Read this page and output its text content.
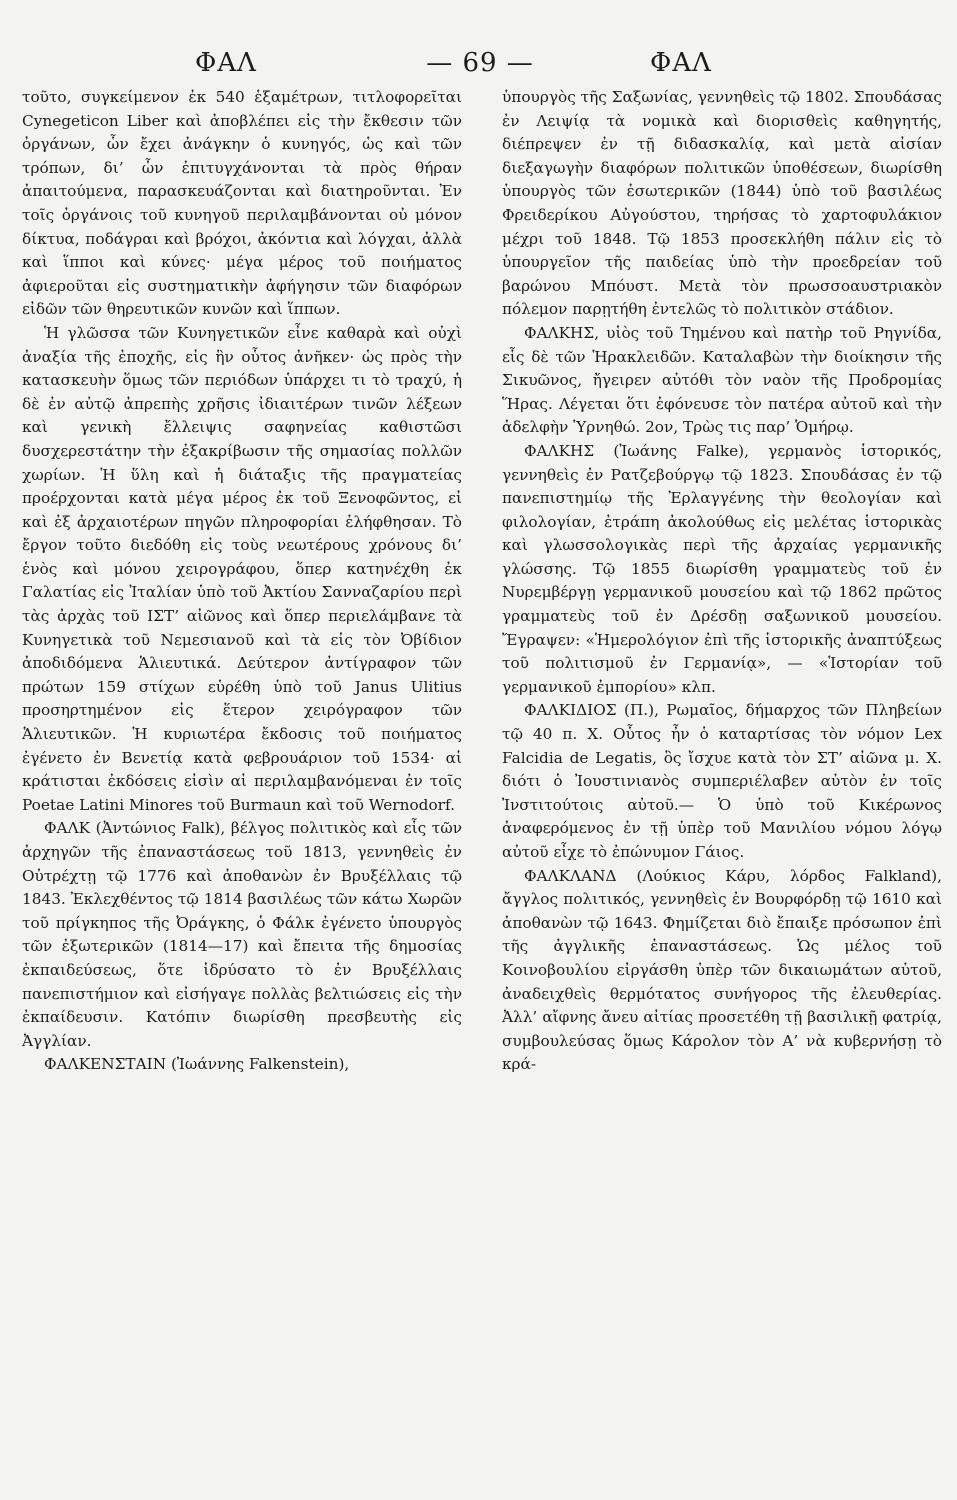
ΦΑΛ	— 69 —	ΦΑΛ

τοῦτο, συγκείμενον ἐκ 540 ἑξαμέτρων, τιτλοφορεῖται Cynegeticon Liber καὶ ἀποβλέπει εἰς τὴν ἔκθεσιν τῶν ὀργάνων, ὧν ἔχει ἀνάγκην ὁ κυνηγός, ὡς καὶ τῶν τρόπων, δι’ ὧν ἐπιτυγχάνονται τὰ πρὸς θήραν ἀπαιτούμενα, παρασκευάζονται καὶ διατηροῦνται. Ἐν τοῖς ὀργάνοις τοῦ κυνηγοῦ περιλαμβάνονται οὐ μόνον δίκτυα, ποδάγραι καὶ βρόχοι, ἀκόντια καὶ λόγχαι, ἀλλὰ καὶ ἵπποι καὶ κύνες· μέγα μέρος τοῦ ποιήματος ἀφιεροῦται εἰς συστηματικὴν ἀφήγησιν τῶν διαφόρων εἰδῶν τῶν θηρευτικῶν κυνῶν καὶ ἵππων.

Ἡ γλῶσσα τῶν Κυνηγετικῶν εἶνε καθαρὰ καὶ οὐχὶ ἀναξία τῆς ἐποχῆς, εἰς ἣν οὗτος ἀνῆκεν· ὡς πρὸς τὴν κατασκευὴν ὅμως τῶν περιόδων ὑπάρχει τι τὸ τραχύ, ἡ δὲ ἐν αὐτῷ ἀπρεπὴς χρῆσις ἰδιαιτέρων τινῶν λέξεων καὶ γενικὴ ἔλλειψις σαφηνείας καθιστῶσι δυσχερεστάτην τὴν ἐξακρίβωσιν τῆς σημασίας πολλῶν χωρίων. Ἡ ὕλη καὶ ἡ διάταξις τῆς πραγματείας προέρχονται κατὰ μέγα μέρος ἐκ τοῦ Ξενοφῶντος, εἰ καὶ ἐξ ἀρχαιοτέρων πηγῶν πληροφορίαι ἐλήφθησαν. Τὸ ἔργον τοῦτο διεδόθη εἰς τοὺς νεωτέρους χρόνους δι’ ἑνὸς καὶ μόνου χειρογράφου, ὅπερ κατηνέχθη ἐκ Γαλατίας εἰς Ἰταλίαν ὑπὸ τοῦ Ἀκτίου Σανναζαρίου περὶ τὰς ἀρχὰς τοῦ ΙΣΤ’ αἰῶνος καὶ ὅπερ περιελάμβανε τὰ Κυνηγετικὰ τοῦ Νεμεσιανοῦ καὶ τὰ εἰς τὸν Ὀβίδιον ἀποδιδόμενα Ἁλιευτικά. Δεύτερον ἀντίγραφον τῶν πρώτων 159 στίχων εὑρέθη ὑπὸ τοῦ Janus Ulitius προσηρτημένον εἰς ἕτερον χειρόγραφον τῶν Ἁλιευτικῶν. Ἡ κυριωτέρα ἔκδοσις τοῦ ποιήματος ἐγένετο ἐν Βενετίᾳ κατὰ φεβρουάριον τοῦ 1534· αἱ κράτισται ἐκδόσεις εἰσὶν αἱ περιλαμβανόμεναι ἐν τοῖς Poetae Latini Minores τοῦ Burmaun καὶ τοῦ Wernodorf.

ΦΑΛΚ (Ἀντώνιος Falk), βέλγος πολιτικὸς καὶ εἷς τῶν ἀρχηγῶν τῆς ἐπαναστάσεως τοῦ 1813, γεννηθεὶς ἐν Οὐτρέχτῃ τῷ 1776 καὶ ἀποθανὼν ἐν Βρυξέλλαις τῷ 1843. Ἐκλεχθέντος τῷ 1814 βασιλέως τῶν κάτω Χωρῶν τοῦ πρίγκηπος τῆς Ὀράγκης, ὁ Φάλκ ἐγένετο ὑπουργὸς τῶν ἐξωτερικῶν (1814—17) καὶ ἔπειτα τῆς δημοσίας ἐκπαιδεύσεως, ὅτε ἱδρύσατο τὸ ἐν Βρυξέλλαις πανεπιστήμιον καὶ εἰσήγαγε πολλὰς βελτιώσεις εἰς τὴν ἐκπαίδευσιν. Κατόπιν διωρίσθη πρεσβευτὴς εἰς Ἀγγλίαν.

ΦΑΛΚΕΝΣΤΑΙΝ (Ἰωάννης Falkenstein),

ὑπουργὸς τῆς Σαξωνίας, γεννηθεὶς τῷ 1802. Σπουδάσας ἐν Λειψίᾳ τὰ νομικὰ καὶ διορισθεὶς καθηγητής, διέπρεψεν ἐν τῇ διδασκαλίᾳ, καὶ μετὰ αἰσίαν διεξαγωγὴν διαφόρων πολιτικῶν ὑποθέσεων, διωρίσθη ὑπουργὸς τῶν ἐσωτερικῶν (1844) ὑπὸ τοῦ βασιλέως Φρειδερίκου Αὐγούστου, τηρήσας τὸ χαρτοφυλάκιον μέχρι τοῦ 1848. Τῷ 1853 προσεκλήθη πάλιν εἰς τὸ ὑπουργεῖον τῆς παιδείας ὑπὸ τὴν προεδρείαν τοῦ βαρώνου Μπόυστ. Μετὰ τὸν πρωσσοαυστριακὸν πόλεμον παρῃτήθη ἐντελῶς τὸ πολιτικὸν στάδιον.

ΦΑΛΚΗΣ, υἱὸς τοῦ Τημένου καὶ πατὴρ τοῦ Ρηγνίδα, εἷς δὲ τῶν Ἡρακλειδῶν. Καταλαβὼν τὴν διοίκησιν τῆς Σικυῶνος, ἤγειρεν αὐτόθι τὸν ναὸν τῆς Προδρομίας Ἥρας. Λέγεται ὅτι ἐφόνευσε τὸν πατέρα αὐτοῦ καὶ τὴν ἀδελφὴν Ὑρνηθώ. 2ον, Τρὼς τις παρ’ Ὁμήρῳ.

ΦΑΛΚΗΣ (Ἰωάνης Falke), γερμανὸς ἱστορικός, γεννηθεὶς ἐν Ρατζεβούργῳ τῷ 1823. Σπουδάσας ἐν τῷ πανεπιστημίῳ τῆς Ἐρλαγγένης τὴν θεολογίαν καὶ φιλολογίαν, ἐτράπη ἀκολούθως εἰς μελέτας ἱστορικὰς καὶ γλωσσολογικὰς περὶ τῆς ἀρχαίας γερμανικῆς γλώσσης. Τῷ 1855 διωρίσθη γραμματεὺς τοῦ ἐν Νυρεμβέργῃ γερμανικοῦ μουσείου καὶ τῷ 1862 πρῶτος γραμματεὺς τοῦ ἐν Δρέσδῃ σαξωνικοῦ μουσείου. Ἔγραψεν: «Ἡμερολόγιον ἐπὶ τῆς ἱστορικῆς ἀναπτύξεως τοῦ πολιτισμοῦ ἐν Γερμανίᾳ», — «Ἱστορίαν τοῦ γερμανικοῦ ἐμπορίου» κλπ.

ΦΑΛΚΙΔΙΟΣ (Π.), Ρωμαῖος, δήμαρχος τῶν Πληβείων τῷ 40 π. Χ. Οὗτος ἦν ὁ καταρτίσας τὸν νόμον Lex Falcidia de Legatis, ὃς ἴσχυε κατὰ τὸν ΣΤ’ αἰῶνα μ. Χ. διότι ὁ Ἰουστινιανὸς συμπεριέλαβεν αὐτὸν ἐν τοῖς Ἰνστιτούτοις αὐτοῦ.— Ὁ ὑπὸ τοῦ Κικέρωνος ἀναφερόμενος ἐν τῇ ὑπὲρ τοῦ Μανιλίου νόμου λόγῳ αὐτοῦ εἶχε τὸ ἐπώνυμον Γάιος.

ΦΑΛΚΛΑΝΔ (Λούκιος Κάρυ, λόρδος Falkland), ἄγγλος πολιτικός, γεννηθεὶς ἐν Βουρφόρδῃ τῷ 1610 καὶ ἀποθανὼν τῷ 1643. Φημίζεται διὸ ἔπαιξε πρόσωπον ἐπὶ τῆς ἀγγλικῆς ἐπαναστάσεως. Ὡς μέλος τοῦ Κοινοβουλίου εἰργάσθη ὑπὲρ τῶν δικαιωμάτων αὐτοῦ, ἀναδειχθεὶς θερμότατος συνήγορος τῆς ἐλευθερίας. Ἀλλ’ αἴφνης ἄνευ αἰτίας προσετέθη τῇ βασιλικῇ φατρίᾳ, συμβουλεύσας ὅμως Κάρολον τὸν Α’ νὰ κυβερνήσῃ τὸ κρά-
